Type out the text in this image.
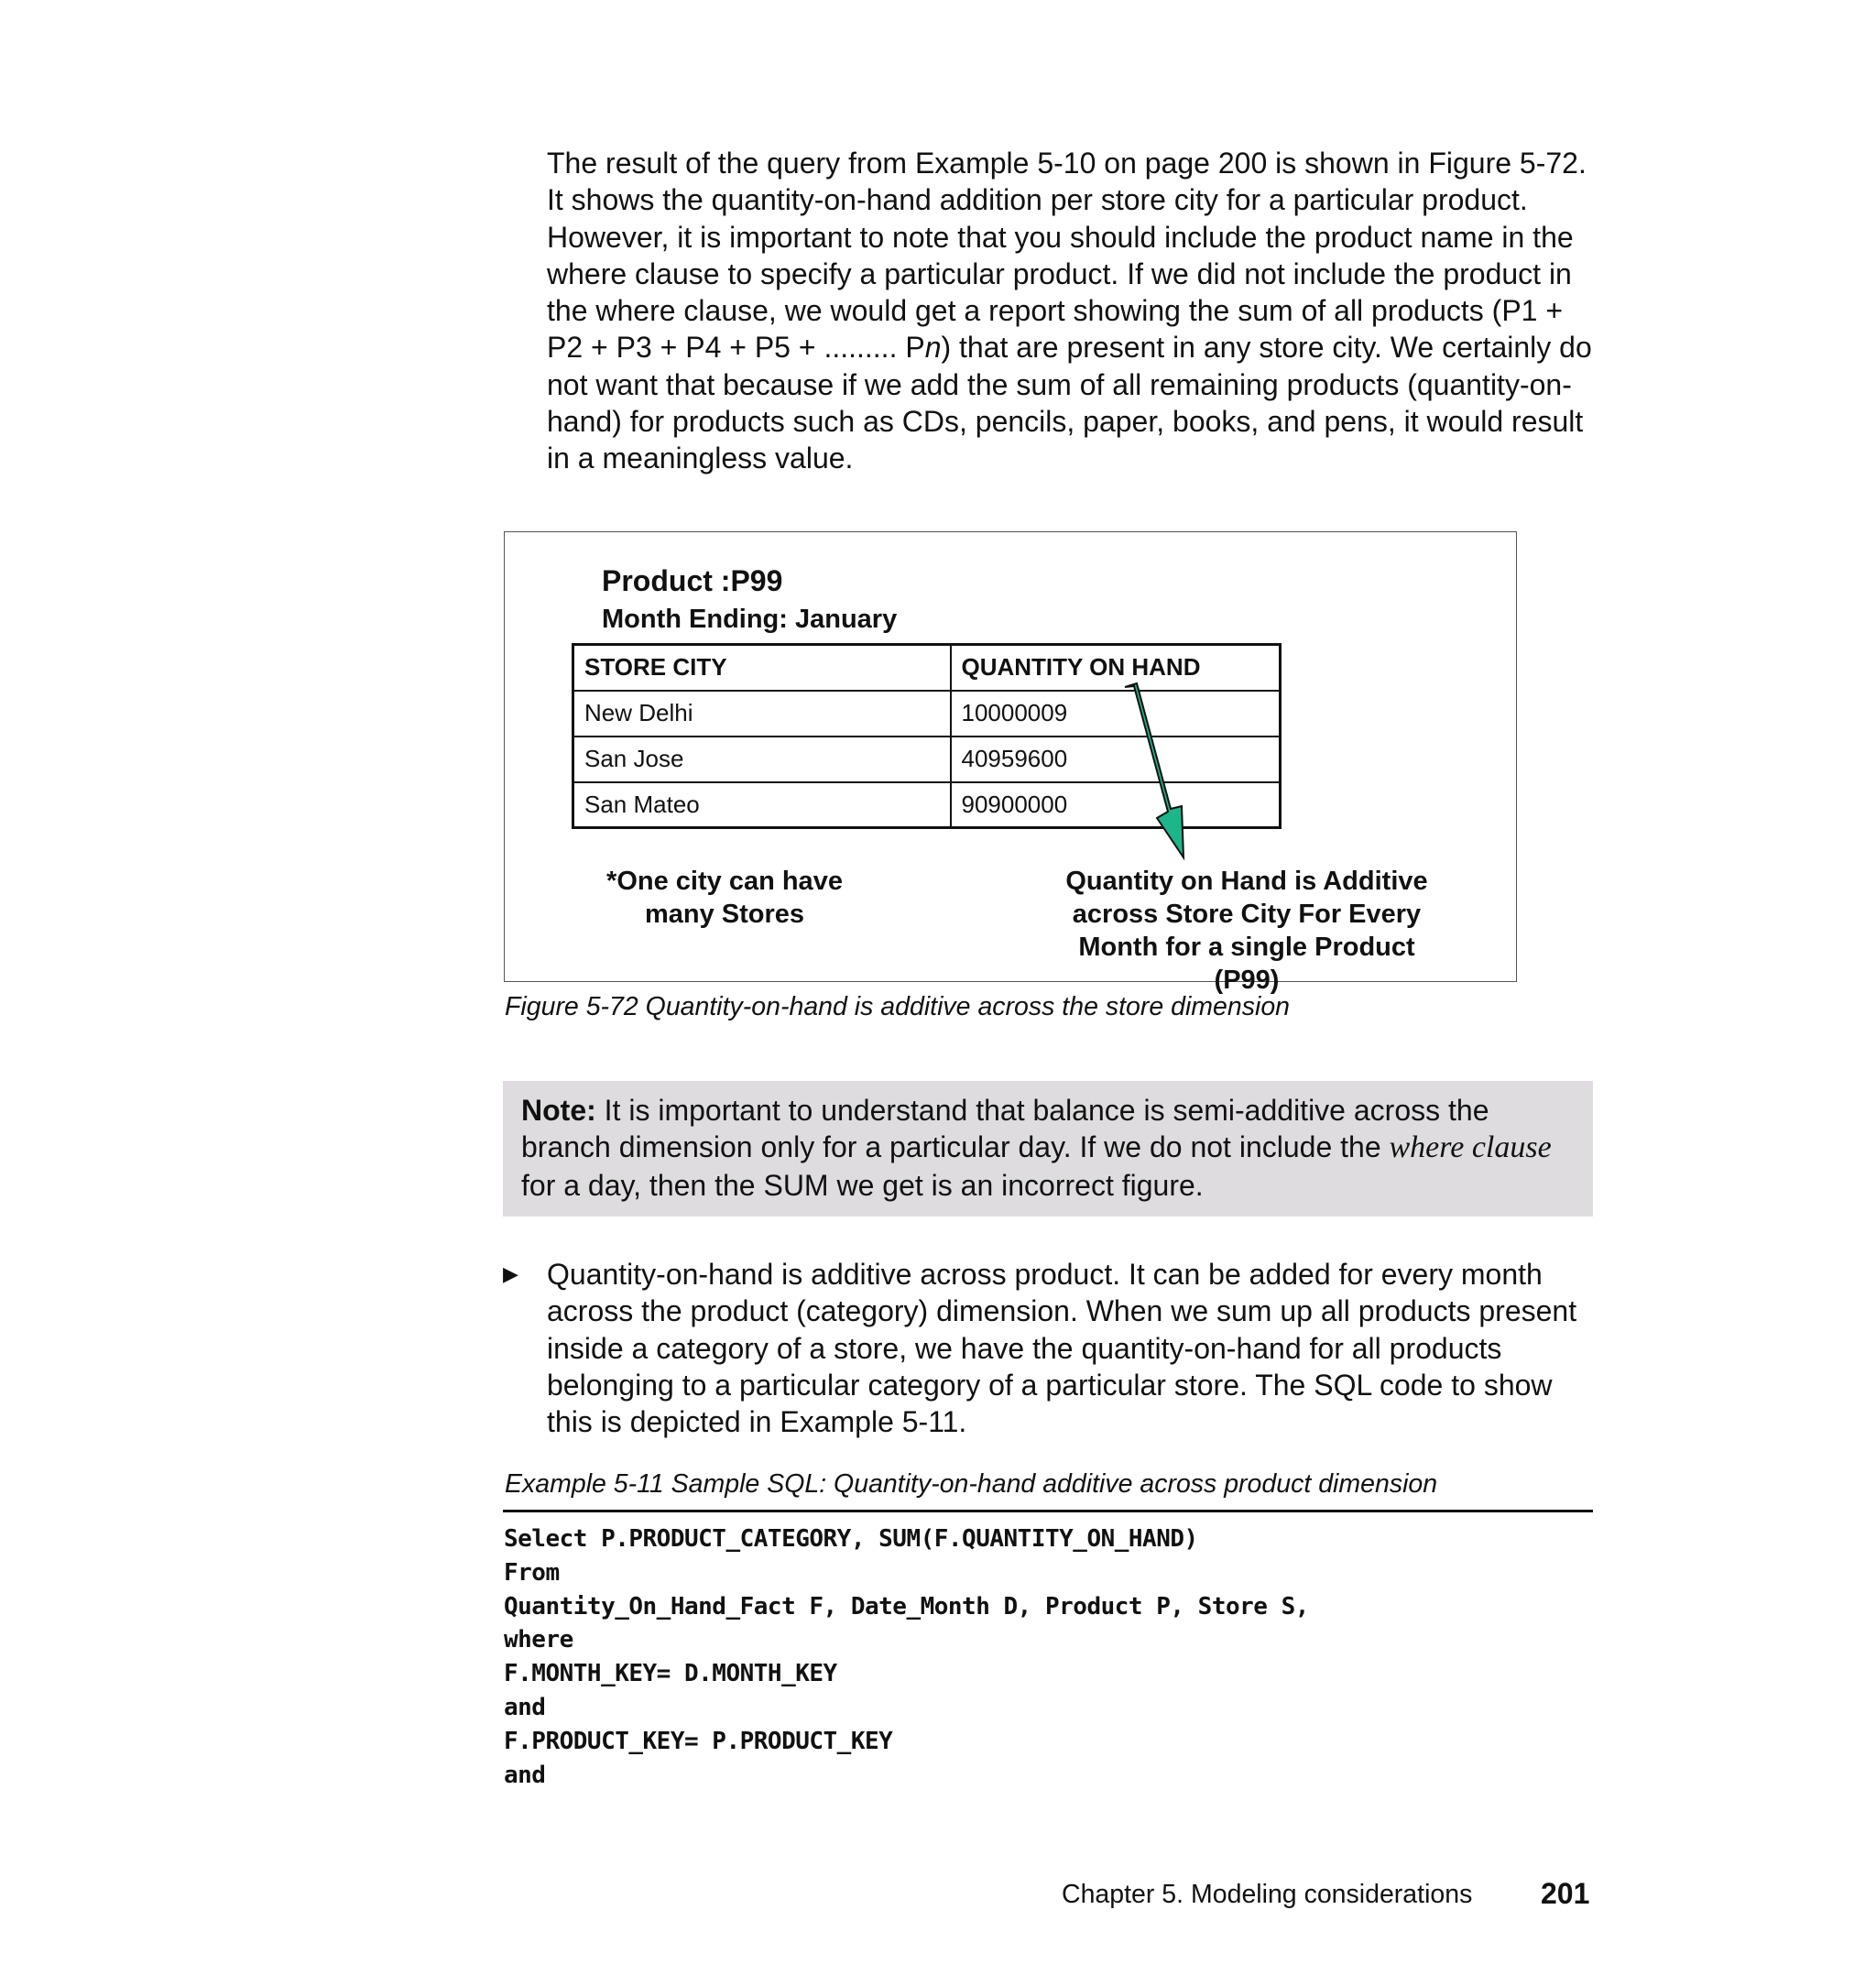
The result of the query from Example 5-10 on page 200 is shown in Figure 5-72. It shows the quantity-on-hand addition per store city for a particular product. However, it is important to note that you should include the product name in the where clause to specify a particular product. If we did not include the product in the where clause, we would get a report showing the sum of all products (P1 + P2 + P3 + P4 + P5 + ......... Pn) that are present in any store city. We certainly do not want that because if we add the sum of all remaining products (quantity-on-hand) for products such as CDs, pencils, paper, books, and pens, it would result in a meaningless value.

Product :P99

Month Ending: January

STORE CITY	QUANTITY ON HAND
New Delhi	10000009
San Jose	40959600
San Mateo	90900000

*One city can have
many Stores

Quantity on Hand is Additive
across Store City For Every
Month for a single Product (P99)

Figure 5-72 Quantity-on-hand is additive across the store dimension

Note: It is important to understand that balance is semi-additive across the branch dimension only for a particular day. If we do not include the where clause for a day, then the SUM we get is an incorrect figure.

▶ Quantity-on-hand is additive across product. It can be added for every month across the product (category) dimension. When we sum up all products present inside a category of a store, we have the quantity-on-hand for all products belonging to a particular category of a particular store. The SQL code to show this is depicted in Example 5-11.

Example 5-11 Sample SQL: Quantity-on-hand additive across product dimension

Select P.PRODUCT_CATEGORY, SUM(F.QUANTITY_ON_HAND)
From
Quantity_On_Hand_Fact F, Date_Month D, Product P, Store S,
where
F.MONTH_KEY= D.MONTH_KEY
and
F.PRODUCT_KEY= P.PRODUCT_KEY
and

Chapter 5. Modeling considerations 201
